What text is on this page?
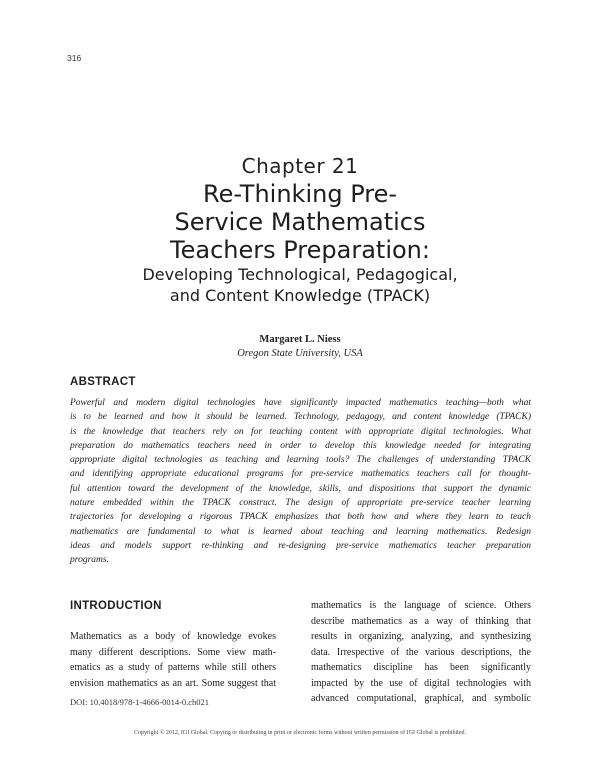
316
Chapter 21
Re-Thinking Pre-
Service Mathematics
Teachers Preparation:
Developing Technological, Pedagogical,
and Content Knowledge (TPACK)
Margaret L. Niess
Oregon State University, USA
ABSTRACT
Powerful and modern digital technologies have significantly impacted mathematics teaching—both what
is to be learned and how it should be learned. Technology, pedagogy, and content knowledge (TPACK)
is the knowledge that teachers rely on for teaching content with appropriate digital technologies. What
preparation do mathematics teachers need in order to develop this knowledge needed for integrating
appropriate digital technologies as teaching and learning tools? The challenges of understanding TPACK
and identifying appropriate educational programs for pre-service mathematics teachers call for thought-
ful attention toward the development of the knowledge, skills, and dispositions that support the dynamic
nature embedded within the TPACK construct. The design of appropriate pre-service teacher learning
trajectories for developing a rigorous TPACK emphasizes that both how and where they learn to teach
mathematics are fundamental to what is learned about teaching and learning mathematics. Redesign
ideas and models support re-thinking and re-designing pre-service mathematics teacher preparation
programs.
INTRODUCTION
Mathematics as a body of knowledge evokes
many different descriptions. Some view math-
ematics as a study of patterns while still others
envision mathematics as an art. Some suggest that
mathematics is the language of science. Others
describe mathematics as a way of thinking that
results in organizing, analyzing, and synthesizing
data. Irrespective of the various descriptions, the
mathematics discipline has been significantly
impacted by the use of digital technologies with
advanced computational, graphical, and symbolic
DOI: 10.4018/978-1-4666-0014-0.ch021
Copyright © 2012, IGI Global. Copying or distributing in print or electronic forms without written permission of IGI Global is prohibited.
